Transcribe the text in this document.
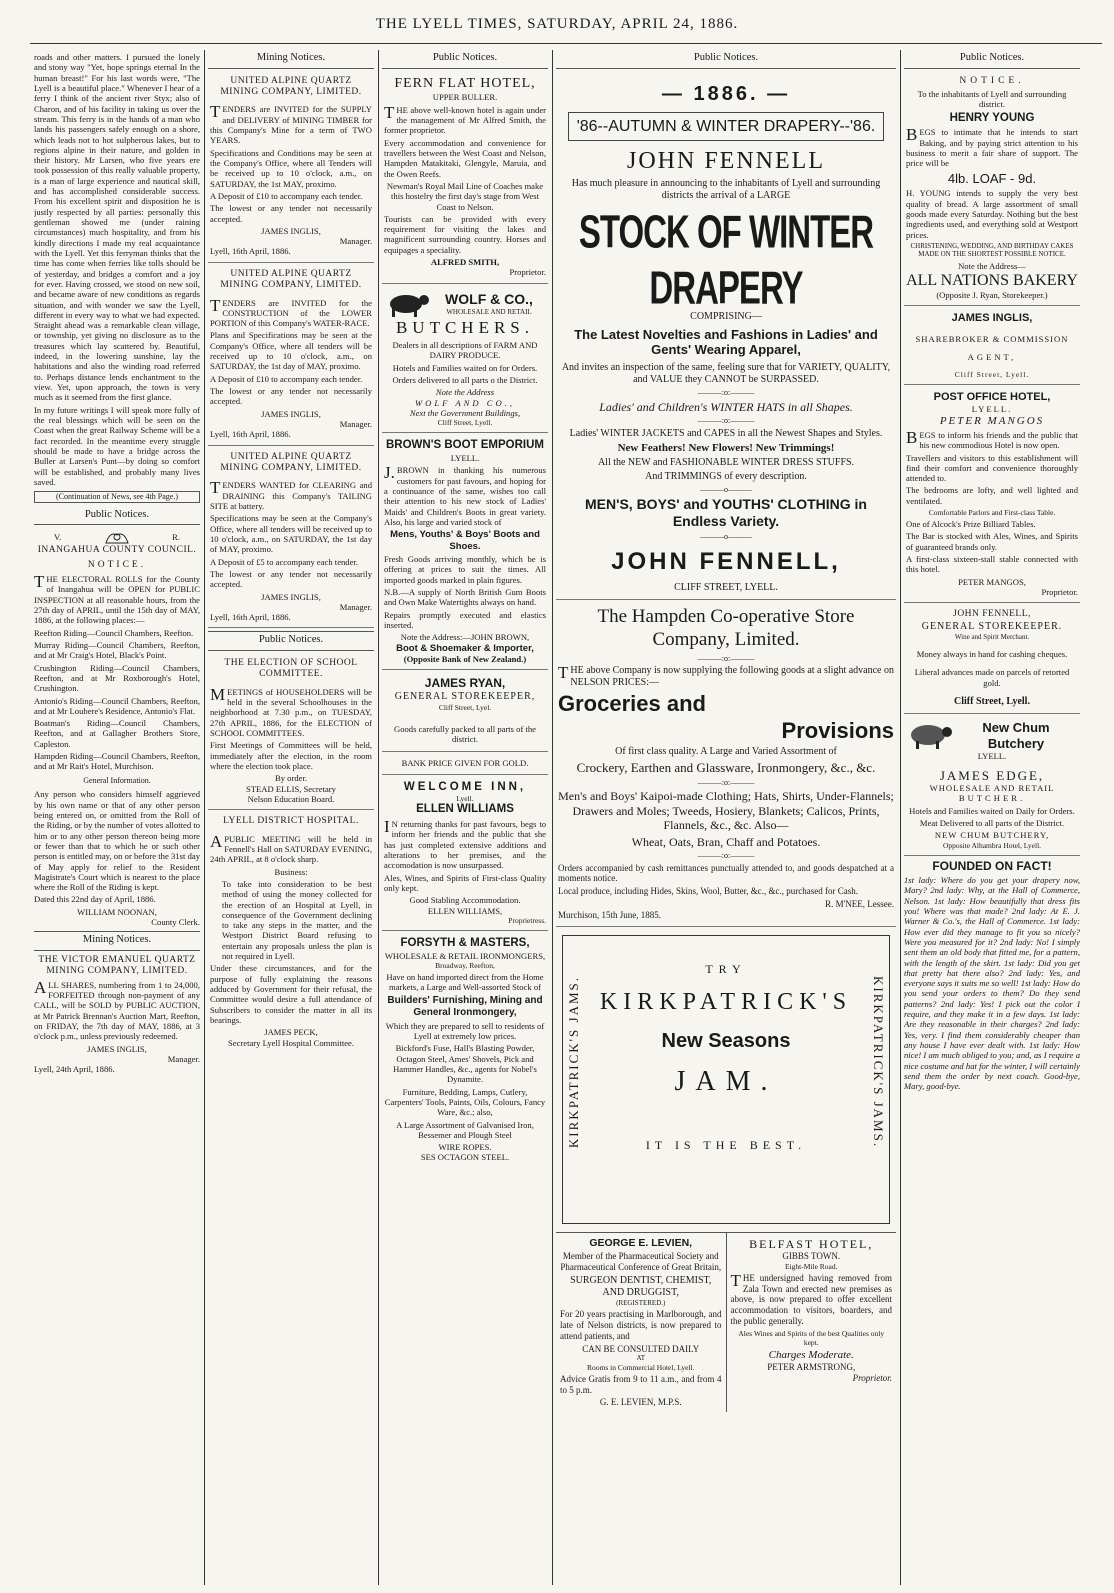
THE LYELL TIMES, SATURDAY, APRIL 24, 1886.

roads and other matters. I pursued the lonely and stony way "Yet, hope springs eternal In the human breast!" For his last words were, "The Lyell is a beautiful place." Whenever I hear of a ferry I think of the ancient river Styx; also of Charon, and of his facility in taking us over the stream. This ferry is in the hands of a man who lands his passengers safely enough on a shore, which leads not to hot sulpherous lakes, but to regions alpine in their nature, and golden in their history. Mr Larsen, who five years ere took possession of this really valuable property, is a man of large experience and nautical skill, and has accomplished considerable success. From his excellent spirit and disposition he is justly respected by all parties: personally this gentleman showed me (under raining circumstances) much hospitality, and from his kindly directions I made my real acquaintance with the Lyell. Yet this ferryman thinks that the time has come when ferries like tolls should be of yesterday, and bridges a comfort and a joy for ever. Having crossed, we stood on new soil, and became aware of new conditions as regards situation, and with wonder we saw the Lyell, different in every way to what we had expected. Straight ahead was a remarkable clean village, or township, yet giving no disclosure as to the treasures which lay scattered by. Beautiful, indeed, in the lowering sunshine, lay the habitations and also the winding road referred to. Perhaps distance lends enchantment to the view. Yet, upon approach, the town is very much as it seemed from the first glance.

In my future writings I will speak more fully of the real blessings which will be seen on the Coast when the great Railway Scheme will be a fact recorded. In the meantime every struggle should be made to have a bridge across the Buller at Larsen's Punt—by doing so comfort will be established, and probably many lives saved.

(Continuation of News, see 4th Page.)
Public Notices.
V.	R.
INANGAHUA COUNTY COUNCIL.
NOTICE.

THE ELECTORAL ROLLS for the County of Inangahua will be OPEN for PUBLIC INSPECTION at all reasonable hours, from the 27th day of APRIL, until the 15th day of MAY, 1886, at the following places:—

Reefton Riding—Council Chambers, Reefton.

Murray Riding—Council Chambers, Reefton, and at Mr Craig's Hotel, Black's Point.

Crushington Riding—Council Chambers, Reefton, and at Mr Roxborough's Hotel, Crushington.

Antonio's Riding—Council Chambers, Reefton, and at Mr Loubere's Residence, Antonio's Flat.

Boatman's Riding—Council Chambers, Reefton, and at Gallagher Brothers Store, Capleston.

Hampden Riding—Council Chambers, Reefton, and at Mr Rait's Hotel, Murchison.

General Information.

Any person who considers himself aggrieved by his own name or that of any other person being entered on, or omitted from the Roll of the Riding, or by the number of votes allotted to him or to any other person thereon being more or fewer than that to which he or such other person is entitled may, on or before the 31st day of May apply for relief to the Resident Magistrate's Court which is nearest to the place where the Roll of the Riding is kept.

Dated this 22nd day of April, 1886.

WILLIAM NOONAN,
County Clerk.
Mining Notices.
THE VICTOR EMANUEL QUARTZ MINING COMPANY, LIMITED.

ALL SHARES, numbering from 1 to 24,000, FORFEITED through non-payment of any CALL, will be SOLD by PUBLIC AUCTION, at Mr Patrick Brennan's Auction Mart, Reefton, on FRIDAY, the 7th day of MAY, 1886, at 3 o'clock p.m., unless previously redeemed.

JAMES INGLIS,
Manager.
Lyell, 24th April, 1886.
Mining Notices.
UNITED ALPINE QUARTZ MINING COMPANY, LIMITED.

TENDERS are INVITED for the SUPPLY and DELIVERY of MINING TIMBER for this Company's Mine for a term of TWO YEARS.

Specifications and Conditions may be seen at the Company's Office, where all Tenders will be received up to 10 o'clock, a.m., on SATURDAY, the 1st MAY, proximo.

A Deposit of £10 to accompany each tender.

The lowest or any tender not necessarily accepted.

JAMES INGLIS,
Manager.
Lyell, 16th April, 1886.
UNITED ALPINE QUARTZ MINING COMPANY, LIMITED.

TENDERS are INVITED for the CONSTRUCTION of the LOWER PORTION of this Company's WATER-RACE.

Plans and Specifications may be seen at the Company's Office, where all tenders will be received up to 10 o'clock, a.m., on SATURDAY, the 1st day of MAY, proximo.

A Deposit of £10 to accompany each tender.

The lowest or any tender not necessarily accepted.

JAMES INGLIS,
Manager.
Lyell, 16th April, 1886.
UNITED ALPINE QUARTZ MINING COMPANY, LIMITED.

TENDERS WANTED for CLEARING and DRAINING this Company's TAILING SITE at battery.

Specifications may be seen at the Company's Office, where all tenders will be received up to 10 o'clock, a.m., on SATURDAY, the 1st day of MAY, proximo.

A Deposit of £5 to accompany each tender.

The lowest or any tender not necessarily accepted.

JAMES INGLIS,
Manager.
Lyell, 16th April, 1886.
Public Notices.
THE ELECTION OF SCHOOL COMMITTEE.

MEETINGS of HOUSEHOLDERS will be held in the several Schoolhouses in the neighborhood at 7.30 p.m., on TUESDAY, 27th APRIL, 1886, for the ELECTION of SCHOOL COMMITTEES.

First Meetings of Committees will be held, immediately after the election, in the room where the election took place.

By order.
STEAD ELLIS, Secretary
Nelson Education Board.
LYELL DISTRICT HOSPITAL.

APUBLIC MEETING will be held in Fennell's Hall on SATURDAY EVENING, 24th APRIL, at 8 o'clock sharp.

Business:

To take into consideration to be best method of using the money collected for the erection of an Hospital at Lyell, in consequence of the Government declining to take any steps in the matter, and the Westport District Board refusing to entertain any proposals unless the plan is not required in Lyell.

Under these circumstances, and for the purpose of fully explaining the reasons adduced by Government for their refusal, the Committee would desire a full attendance of Subscribers to consider the matter in all its bearings.

JAMES PECK,
Secretary Lyell Hospital Committee.
Public Notices.
FERN FLAT HOTEL,
UPPER BULLER.

THE above well-known hotel is again under the management of Mr Alfred Smith, the former proprietor.

Every accommodation and convenience for travellers between the West Coast and Nelson, Hampden Matakitaki, Glengyle, Maruia, and the Owen Reefs.

Newman's Royal Mail Line of Coaches make this hostelry the first day's stage from West Coast to Nelson.

Tourists can be provided with every requirement for visiting the lakes and magnificent surrounding country. Horses and equipages a speciality.

ALFRED SMITH,
Proprietor.
WOLF & CO.,
WHOLESALE AND RETAIL
BUTCHERS.

Dealers in all descriptions of FARM AND DAIRY PRODUCE.

Hotels and Families waited on for Orders.

Orders delivered to all parts o the District.

Note the Address
WOLF AND CO.,
Next the Government Buildings,
Cliff Street, Lyell.
BROWN'S BOOT EMPORIUM
LYELL.

J.BROWN in thanking his numerous customers for past favours, and hoping for a continuance of the same, wishes too call their attention to his new stock of Ladies' Maids' and Children's Boots in great variety. Also, his large and varied stock of

Mens, Youths' & Boys' Boots and Shoes.

Fresh Goods arriving monthly, which be is offering at prices to suit the times. All imported goods marked in plain figures.

N.B.—A supply of North British Gum Boots and Own Make Watertights always on hand.

Repairs promptly executed and elastics inserted.

Note the Address:—JOHN BROWN,
Boot & Shoemaker & Importer,
(Opposite Bank of New Zealand.)
JAMES RYAN,
GENERAL STOREKEEPER,
Cliff Street, Lyel.

Goods carefully packed to all parts of the district.

BANK PRICE GIVEN FOR GOLD.
WELCOME INN,
Lyell.
ELLEN WILLIAMS

IN returning thanks for past favours, begs to inform her friends and the public that she has just completed extensive additions and alterations to her premises, and the accomodation is now unsurpassed.

Ales, Wines, and Spirits of First-class Quality only kept.

Good Stabling Accommodation.
ELLEN WILLIAMS,
Proprietress.
FORSYTH & MASTERS,
WHOLESALE & RETAIL IRONMONGERS,
Broadway, Reefton,

Have on hand imported direct from the Home markets, a Large and Well-assorted Stock of

Builders' Furnishing, Mining and General Ironmongery,

Which they are prepared to sell to residents of Lyell at extremely low prices.

Bickford's Fuse, Hall's Blasting Powder, Octagon Steel, Ames' Shovels, Pick and Hammer Handles, &c., agents for Nobel's Dynamite.

Furniture, Bedding, Lamps, Cutlery, Carpenters' Tools, Paints, Oils, Colours, Fancy Ware, &c.; also,

A Large Assortment of Galvanised Iron, Bessemer and Plough Steel

WIRE ROPES.
SES OCTAGON STEEL.
Public Notices.
— 1886. —
'86--AUTUMN & WINTER DRAPERY--'86.
JOHN FENNELL

Has much pleasure in announcing to the inhabitants of Lyell and surrounding districts the arrival of a LARGE

STOCK OF WINTER DRAPERY
COMPRISING—
The Latest Novelties and Fashions in Ladies' and Gents' Wearing Apparel,

And invites an inspection of the same, feeling sure that for VARIETY, QUALITY, and VALUE they CANNOT be SURPASSED.

———:o:———
Ladies' and Children's WINTER HATS in all Shapes.
———:o:———

Ladies' WINTER JACKETS and CAPES in all the Newest Shapes and Styles.

New Feathers! New Flowers! New Trimmings!

All the NEW and FASHIONABLE WINTER DRESS STUFFS.

And TRIMMINGS of every description.

———o———
MEN'S, BOYS' and YOUTHS' CLOTHING in Endless Variety.
———o———
JOHN FENNELL,
CLIFF STREET, LYELL.
The Hampden Co-operative Store Company, Limited.
———:o:———

THE above Company is now supplying the following goods at a slight advance on NELSON PRICES:—

Groceries and
Provisions

Of first class quality. A Large and Varied Assortment of

Crockery, Earthen and Glassware, Ironmongery, &c., &c.
———:o:———

Men's and Boys' Kaipoi-made Clothing; Hats, Shirts, Under-Flannels; Drawers and Moles; Tweeds, Hosiery, Blankets; Calicos, Prints, Flannels, &c., &c. Also—

Wheat, Oats, Bran, Chaff and Potatoes.
———:o:———

Orders accompanied by cash remittances punctually attended to, and goods despatched at a moments notice.

Local produce, including Hides, Skins, Wool, Butter, &c., &c., purchased for Cash.

R. M'NEE, Lessee.
Murchison, 15th June, 1885.
KIRKPATRICK'S JAMS.	KIRKPATRICK'S JAMS.
TRY
KIRKPATRICK'S
New Seasons
JAM.
IT IS THE BEST.
GEORGE E. LEVIEN,

Member of the Pharmaceutical Society and Pharmaceutical Conference of Great Britain,

SURGEON DENTIST, CHEMIST, AND DRUGGIST,
(REGISTERED.)

For 20 years practising in Marlborough, and late of Nelson districts, is now prepared to attend patients, and

CAN BE CONSULTED DAILY
AT
Rooms in Commercial Hotel, Lyell.

Advice Gratis from 9 to 11 a.m., and from 4 to 5 p.m.

G. E. LEVIEN, M.P.S.
BELFAST HOTEL,
GIBBS TOWN.
Eight-Mile Road.

THE undersigned having removed from Zala Town and erected new premises as above, is now prepared to offer excellent accommodation to visitors, boarders, and the public generally.

Ales Wines and Spirits of the best Qualities only kept.

Charges Moderate.
PETER ARMSTRONG,
Proprietor.
Public Notices.
NOTICE.

To the inhabitants of Lyell and surrounding district.

HENRY YOUNG

BEGS to intimate that he intends to start Baking, and by paying strict attention to his business to merit a fair share of support. The price will be

4lb. LOAF - 9d.

H. YOUNG intends to supply the very best quality of bread. A large assortment of small goods made every Saturday. Nothing but the best ingredients used, and everything sold at Westport prices.

CHRISTENING, WEDDING, AND BIRTHDAY CAKES MADE ON THE SHORTEST POSSIBLE NOTICE.

Note the Address—
ALL NATIONS BAKERY
(Opposite J. Ryan, Storekeeper.)
JAMES INGLIS,
SHAREBROKER & COMMISSION
AGENT,
Cliff Street, Lyell.
POST OFFICE HOTEL,
LYELL.
PETER MANGOS

BEGS to inform his friends and the public that his new commodious Hotel is now open.

Travellers and visitors to this establishment will find their comfort and convenience thoroughly attended to.

The bedrooms are lofty, and well lighted and ventilated.

Comfortable Parlors and First-class Table.

One of Alcock's Prize Billiard Tables.

The Bar is stocked with Ales, Wines, and Spirits of guaranteed brands only.

A first-class sixteen-stall stable connected with this hotel.

PETER MANGOS,
Proprietor.
JOHN FENNELL,
GENERAL STOREKEEPER.
Wine and Spirit Merchant.

Money always in hand for cashing cheques.

Liberal advances made on parcels of retorted gold.

Cliff Street, Lyell.
New Chum Butchery
LYELL.
JAMES EDGE,
WHOLESALE AND RETAIL
BUTCHER.

Hotels and Families waited on Daily for Orders.

Meat Delivered to all parts of the District.

NEW CHUM BUTCHERY,
Opposite Alhambra Hotel, Lyell.
FOUNDED ON FACT!

1st lady: Where do you get your drapery now, Mary? 2nd lady: Why, at the Hall of Commerce, Nelson. 1st lady: How beautifully that dress fits you! Where was that made? 2nd lady: At E. J. Warner & Co.'s, the Hall of Commerce. 1st lady: How ever did they manage to fit you so nicely? Were you measured for it? 2nd lady: No! I simply sent them an old body that fitted me, for a pattern, with the length of the skirt. 1st lady: Did you get that pretty hat there also? 2nd lady: Yes, and everyone says it suits me so well! 1st lady: How do you send your orders to them? Do they send patterns? 2nd lady: Yes! I pick out the color I require, and they make it in a few days. 1st lady: Are they reasonable in their charges? 2nd lady: Yes, very. I find them considerably cheaper than any house I have ever dealt with. 1st lady: How nice! I am much obliged to you; and, as I require a nice costume and hat for the winter, I will certainly send them the order by next coach. Good-bye, Mary, good-bye.
